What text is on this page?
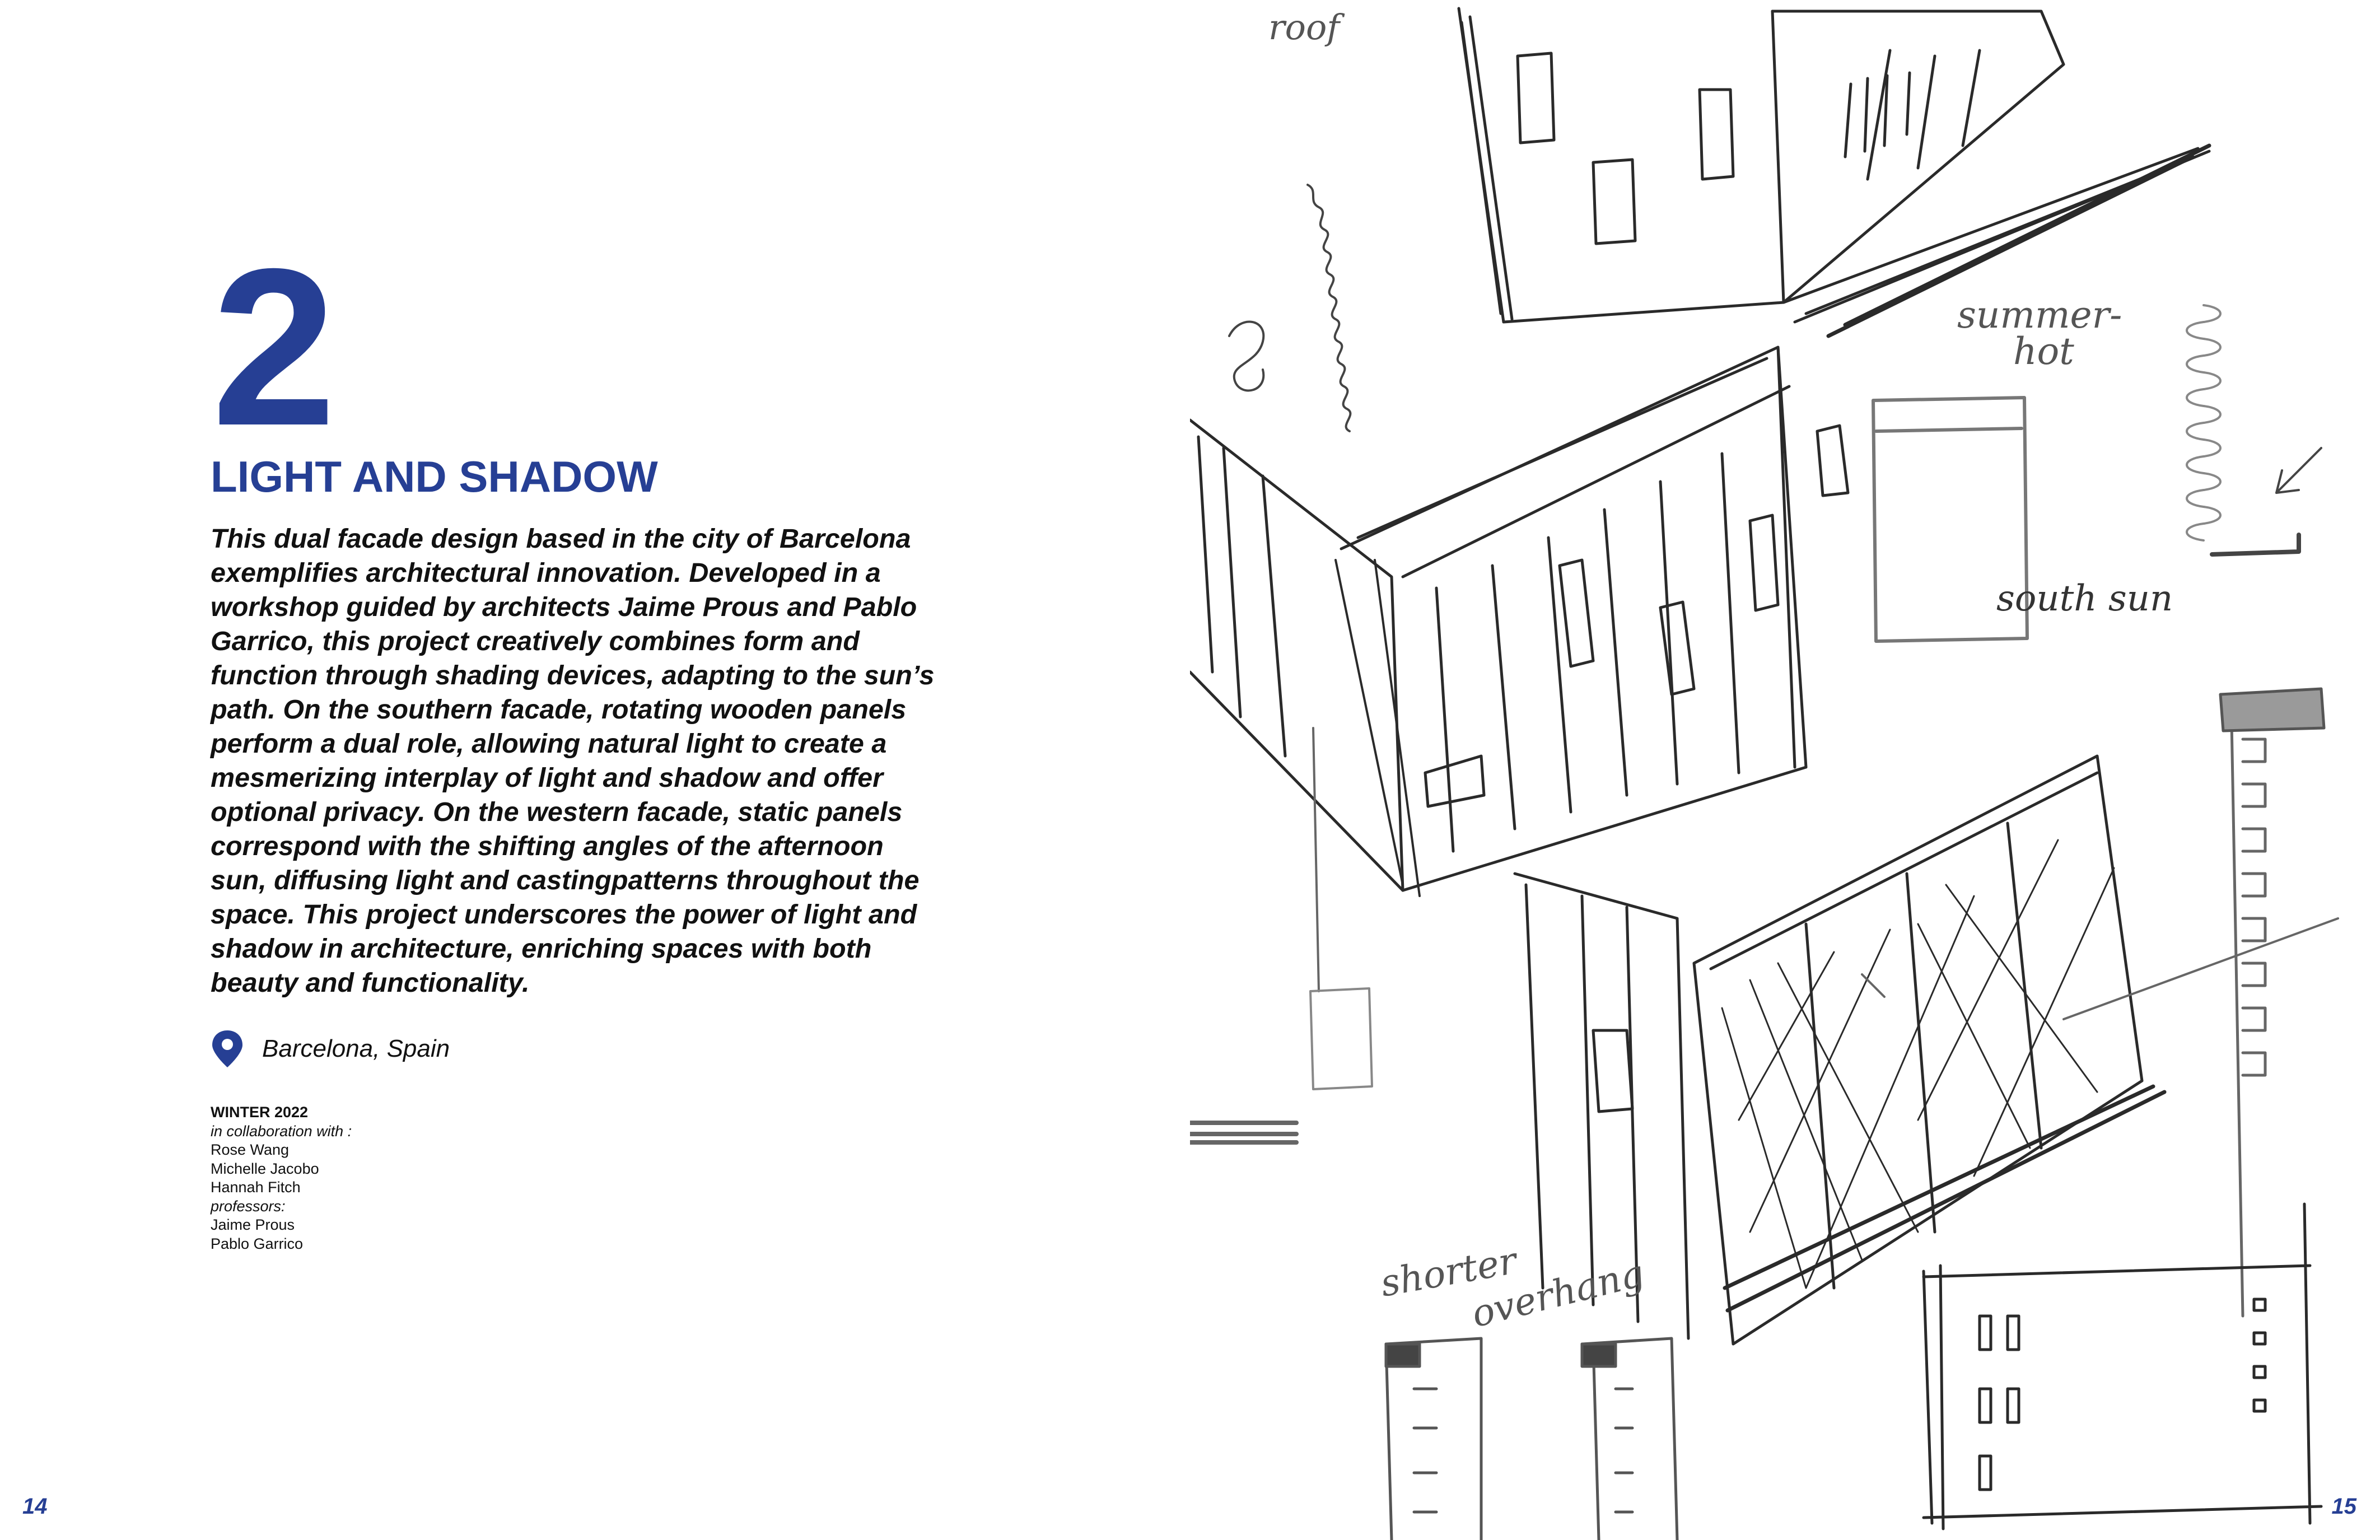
2
LIGHT AND SHADOW
This dual facade design based in the city of Barcelona
exemplifies architectural innovation. Developed in a
workshop guided by architects Jaime Prous and Pablo
Garrico, this project creatively combines form and
function through shading devices, adapting to the sun’s
path. On the southern facade, rotating wooden panels
perform a dual role, allowing natural light to create a
mesmerizing interplay of light and shadow and offer
optional privacy. On the western facade, static panels
correspond with the shifting angles of the afternoon
sun, diffusing light and castingpatterns throughout the
space. This project underscores the power of light and
shadow in architecture, enriching spaces with both
beauty and functionality.
Barcelona, Spain
WINTER 2022
in collaboration with :
Rose Wang
Michelle Jacobo
Hannah Fitch
professors:
Jaime Prous
Pablo Garrico
14
roof
summer-
hot
south sun
shorter
overhang
15
